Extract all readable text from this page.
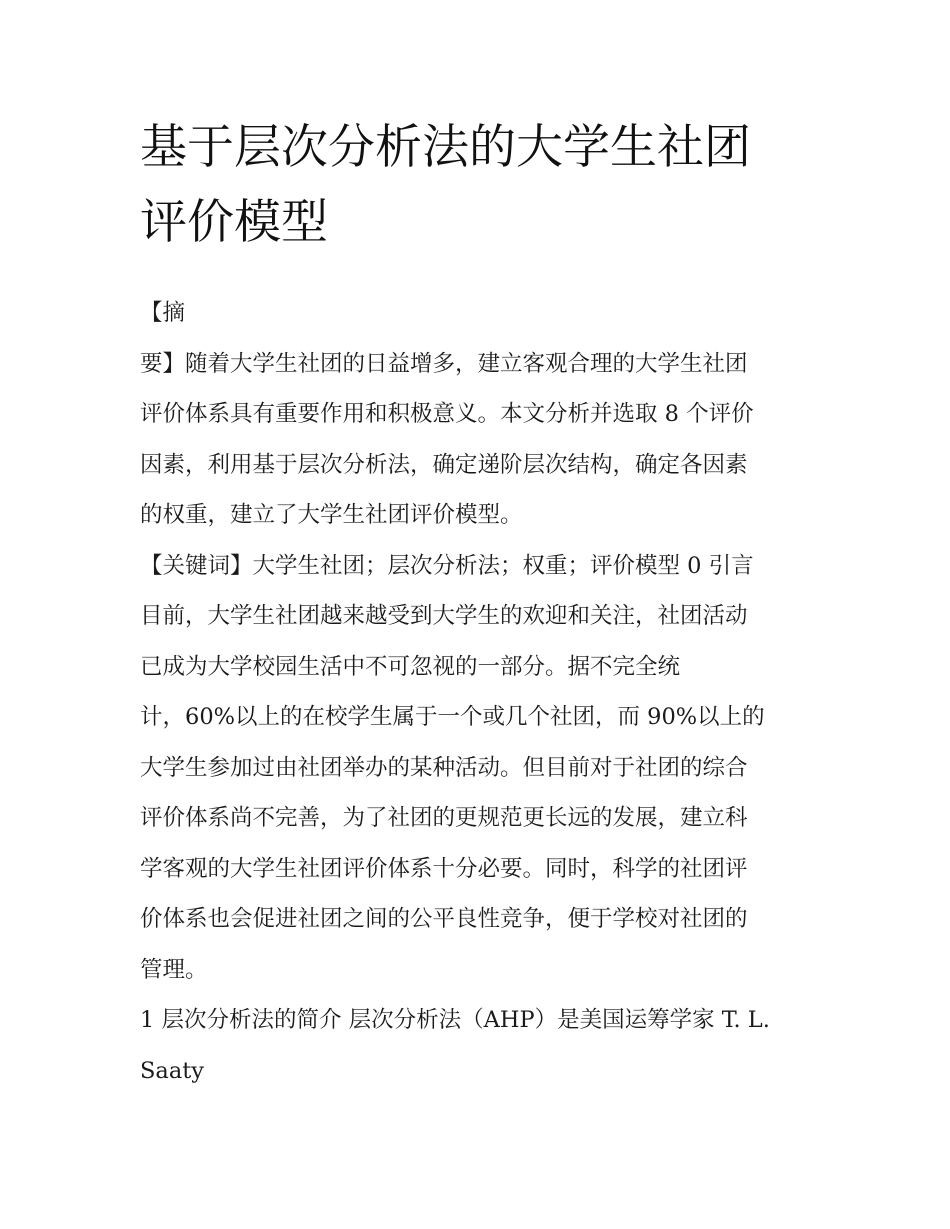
基于层次分析法的大学生社团
评价模型
【摘
要】随着大学生社团的日益增多，建立客观合理的大学生社团
评价体系具有重要作用和积极意义。本文分析并选取 8 个评价
因素，利用基于层次分析法，确定递阶层次结构，确定各因素
的权重，建立了大学生社团评价模型。
【关键词】大学生社团；层次分析法；权重；评价模型 0 引言
目前，大学生社团越来越受到大学生的欢迎和关注，社团活动
已成为大学校园生活中不可忽视的一部分。据不完全统
计，60%以上的在校学生属于一个或几个社团，而 90%以上的
大学生参加过由社团举办的某种活动。但目前对于社团的综合
评价体系尚不完善，为了社团的更规范更长远的发展，建立科
学客观的大学生社团评价体系十分必要。同时，科学的社团评
价体系也会促进社团之间的公平良性竞争，便于学校对社团的
管理。
1 层次分析法的简介 层次分析法（AHP）是美国运筹学家 T. L.
Saaty
